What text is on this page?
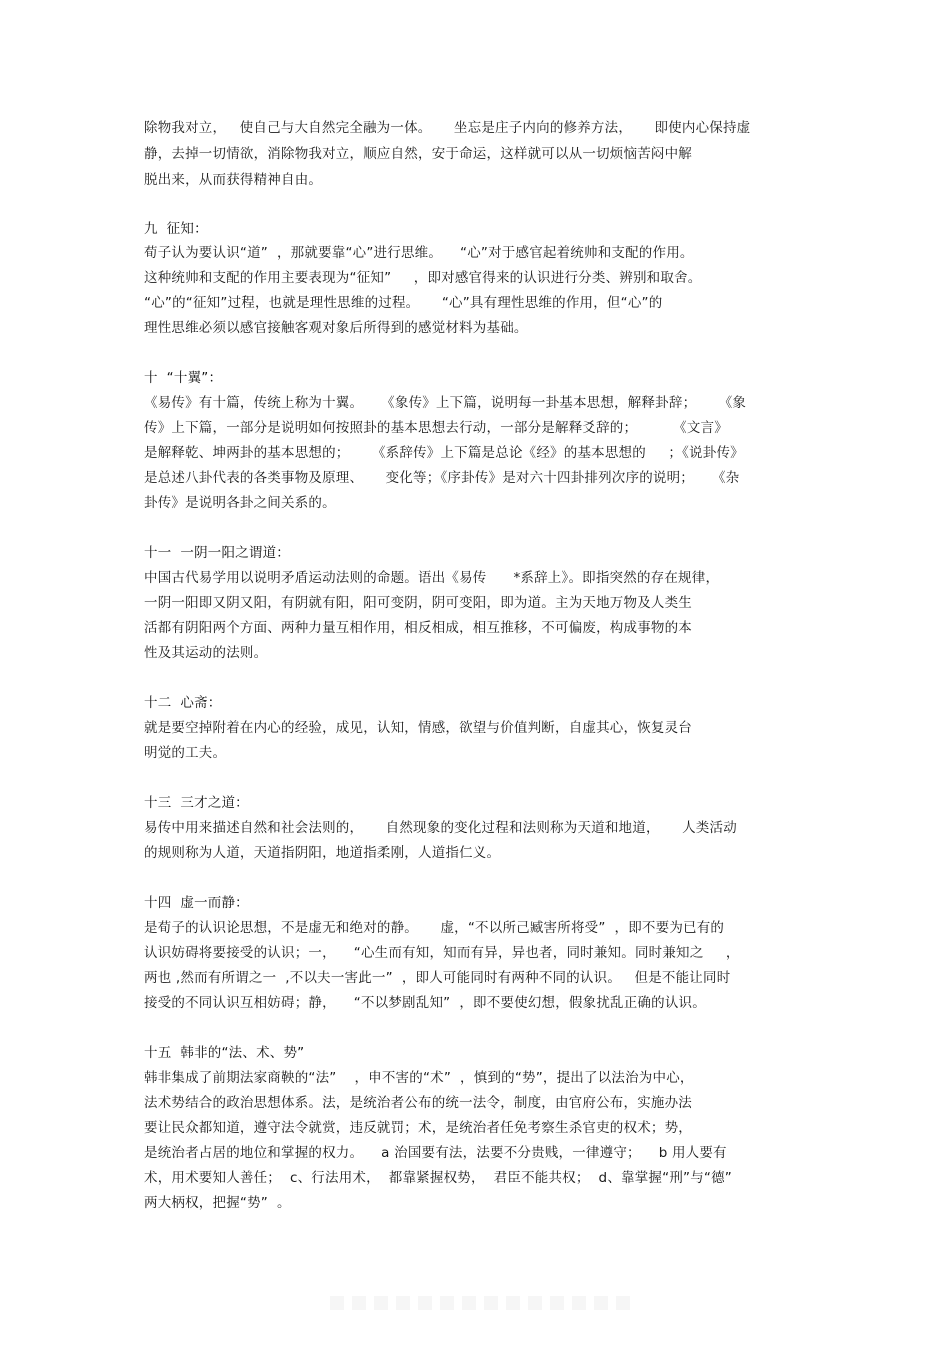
除物我对立，   使自己与大自然完全融为一体。     坐忘是庄子内向的修养方法，     即使内心保持虚
静，去掉一切情欲，消除物我对立，顺应自然，安于命运，这样就可以从一切烦恼苦闷中解
脱出来，从而获得精神自由。
九  征知：
荀子认为要认识“道”  ，那就要靠“心”进行思维。    “心”对于感官起着统帅和支配的作用。
这种统帅和支配的作用主要表现为“征知”     ，即对感官得来的认识进行分类、辨别和取舍。
“心”的“征知”过程，也就是理性思维的过程。     “心”具有理性思维的作用，但“心”的
理性思维必须以感官接触客观对象后所得到的感觉材料为基础。
十  “十翼”：
《易传》有十篇，传统上称为十翼。    《象传》上下篇，说明每一卦基本思想，解释卦辞；     《象
传》上下篇，一部分是说明如何按照卦的基本思想去行动，一部分是解释爻辞的；        《文言》
是解释乾、坤两卦的基本思想的；     《系辞传》上下篇是总论《经》的基本思想的     ；《说卦传》
是总述八卦代表的各类事物及原理、     变化等；《序卦传》是对六十四卦排列次序的说明；    《杂
卦传》是说明各卦之间关系的。
十一  一阴一阳之谓道：
中国古代易学用以说明矛盾运动法则的命题。语出《易传      *系辞上》。即指突然的存在规律，
一阴一阳即又阴又阳，有阴就有阳，阳可变阴，阴可变阳，即为道。主为天地万物及人类生
活都有阴阳两个方面、两种力量互相作用，相反相成，相互推移，不可偏废，构成事物的本
性及其运动的法则。
十二  心斋：
就是要空掉附着在内心的经验，成见，认知，情感，欲望与价值判断，自虚其心，恢复灵台
明觉的工夫。
十三  三才之道：
易传中用来描述自然和社会法则的，     自然现象的变化过程和法则称为天道和地道，     人类活动
的规则称为人道，天道指阴阳，地道指柔刚，人道指仁义。
十四  虚一而静：
是荀子的认识论思想，不是虚无和绝对的静。     虚，“不以所己臧害所将受”  ，即不要为已有的
认识妨碍将要接受的认识；一，    “心生而有知，知而有异，异也者，同时兼知。同时兼知之     ，
两也 ,然而有所谓之一  ,不以夫一害此一”  ，即人可能同时有两种不同的认识。   但是不能让同时
接受的不同认识互相妨碍；静，    “不以梦剧乱知”  ，即不要使幻想，假象扰乱正确的认识。
十五  韩非的“法、术、势”
韩非集成了前期法家商鞅的“法”    ，申不害的“术”  ，慎到的“势”，提出了以法治为中心，
法术势结合的政治思想体系。法，是统治者公布的统一法令，制度，由官府公布，实施办法
要让民众都知道，遵守法令就赏，违反就罚；术，是统治者任免考察生杀官吏的权术；势，
是统治者占居的地位和掌握的权力。    a 治国要有法，法要不分贵贱，一律遵守；    b 用人要有
术，用术要知人善任；  c、行法用术，  都靠紧握权势，  君臣不能共权；  d、靠掌握“刑”与“德”
两大柄权，把握“势”  。
